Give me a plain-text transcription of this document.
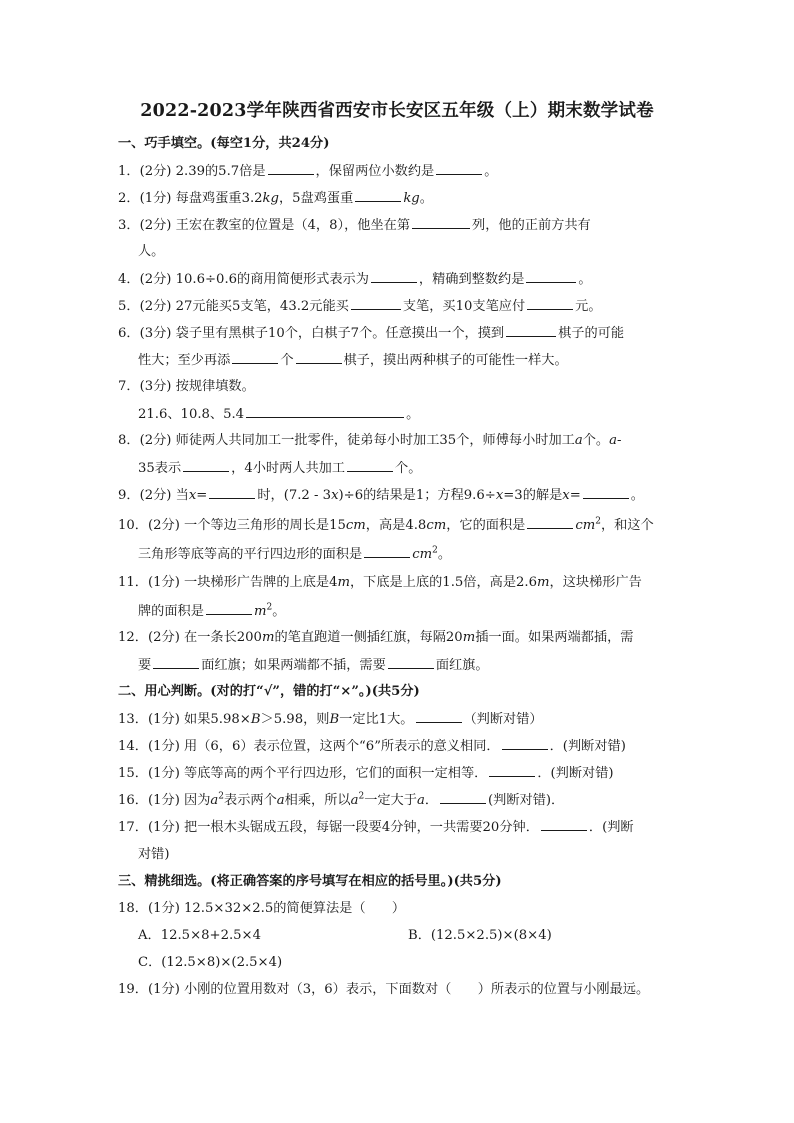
2022-2023学年陕西省西安市长安区五年级（上）期末数学试卷
一、巧手填空。(每空1分，共24分)
1．(2分) 2.39的5.7倍是	，保留两位小数约是	。
2．(1分) 每盘鸡蛋重3.2kg，5盘鸡蛋重	kg。
3．(2分) 王宏在教室的位置是（4，8），他坐在第	列，他的正前方共有
人。
4．(2分) 10.6÷0.6的商用简便形式表示为	，精确到整数约是	。
5．(2分) 27元能买5支笔，43.2元能买	支笔，买10支笔应付	元。
6．(3分) 袋子里有黑棋子10个，白棋子7个。任意摸出一个，摸到	棋子的可能
性大；至少再添	个	棋子，摸出两种棋子的可能性一样大。
7．(3分) 按规律填数。
21.6、10.8、5.4	。
8．(2分) 师徒两人共同加工一批零件，徒弟每小时加工35个，师傅每小时加工a个。a-
35表示	，4小时两人共加工	个。
9．(2分) 当x=	时，(7.2 - 3x)÷6的结果是1；方程9.6÷x=3的解是x=	。
10．(2分) 一个等边三角形的周长是15cm，高是4.8cm，它的面积是	$cm^2$，和这个
三角形等底等高的平行四边形的面积是	$cm^2$。
11．(1分) 一块梯形广告牌的上底是4m，下底是上底的1.5倍，高是2.6m，这块梯形广告
牌的面积是	$m^2$。
12．(2分) 在一条长200m的笔直跑道一侧插红旗，每隔20m插一面。如果两端都插，需
要	面红旗；如果两端都不插，需要	面红旗。
二、用心判断。(对的打“√”，错的打“×”。)(共5分)
13．(1分) 如果5.98×B＞5.98，则B一定比1大。	（判断对错）
14．(1分) 用（6，6）表示位置，这两个“6”所表示的意义相同．	．(判断对错)
15．(1分) 等底等高的两个平行四边形，它们的面积一定相等．	．(判断对错)
16．(1分) 因为$a^2$表示两个a相乘，所以$a^2$一定大于a．	(判断对错)．
17．(1分) 把一根木头锯成五段，每锯一段要4分钟，一共需要20分钟．	．(判断
对错)
三、精挑细选。(将正确答案的序号填写在相应的括号里。)(共5分)
18．(1分) 12.5×32×2.5的简便算法是（　　）
A．12.5×8+2.5×4	B．(12.5×2.5)×(8×4)
C．(12.5×8)×(2.5×4)
19．(1分) 小刚的位置用数对（3，6）表示，下面数对（　　）所表示的位置与小刚最远。
